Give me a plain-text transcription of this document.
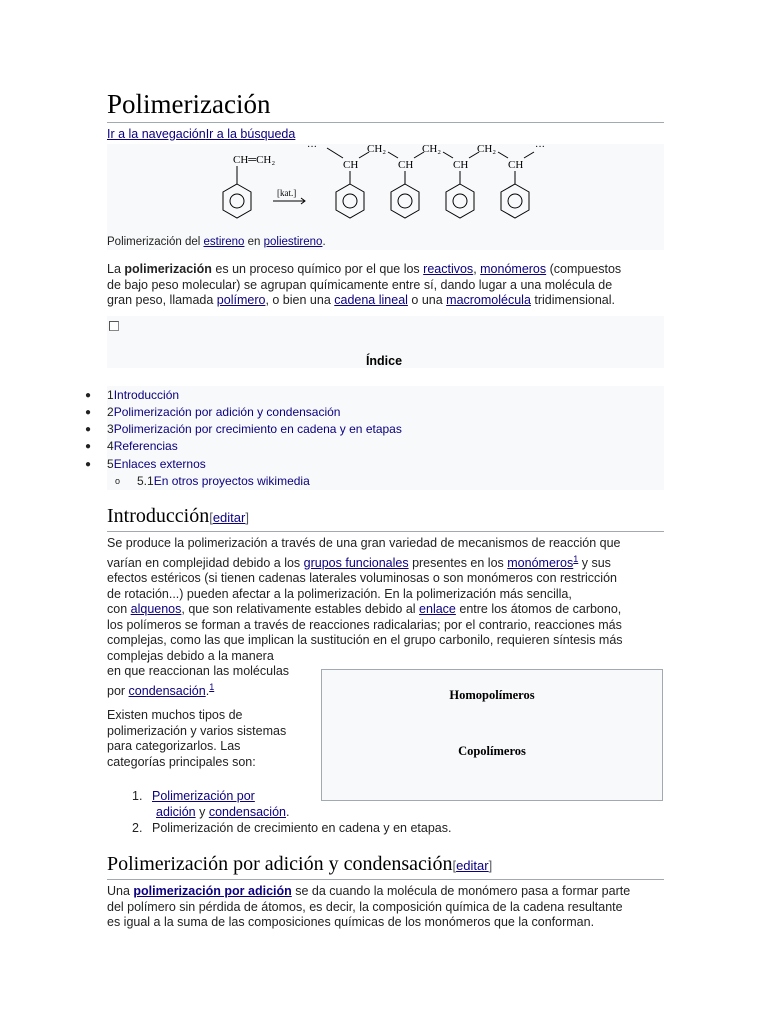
Polimerización
Ir a la navegaciónIr a la búsqueda
CH═CH₂
[kat.]
···	···
CH
CH₂
CH
CH₂
CH
CH₂
CH
Polimerización del estireno en poliestireno.
La polimerización es un proceso químico por el que los reactivos, monómeros (compuestos
de bajo peso molecular) se agrupan químicamente entre sí, dando lugar a una molécula de
gran peso, llamada polímero, o bien una cadena lineal o una macromolécula tridimensional.
Índice
● 1Introducción
● 2Polimerización por adición y condensación
● 3Polimerización por crecimiento en cadena y en etapas
● 4Referencias
● 5Enlaces externos
o 5.1En otros proyectos wikimedia
Introducción[editar]
Se produce la polimerización a través de una gran variedad de mecanismos de reacción que
varían en complejidad debido a los grupos funcionales presentes en los monómeros$^1$ y sus
efectos estéricos (si tienen cadenas laterales voluminosas o son monómeros con restricción
de rotación...) pueden afectar a la polimerización. En la polimerización más sencilla,
con alquenos, que son relativamente estables debido al enlace entre los átomos de carbono,
los polímeros se forman a través de reacciones radicalarias; por el contrario, reacciones más
complejas, como las que implican la sustitución en el grupo carbonilo, requieren síntesis más
complejas debido a la manera
en que reaccionan las moléculas
por condensación.$^1$
Homopolímeros
Copolímeros
Existen muchos tipos de
polimerización y varios sistemas
para categorizarlos. Las
categorías principales son:
1. Polimerización por
adición y condensación.
2. Polimerización de crecimiento en cadena y en etapas.
Polimerización por adición y condensación[editar]
Una polimerización por adición se da cuando la molécula de monómero pasa a formar parte
del polímero sin pérdida de átomos, es decir, la composición química de la cadena resultante
es igual a la suma de las composiciones químicas de los monómeros que la conforman.
